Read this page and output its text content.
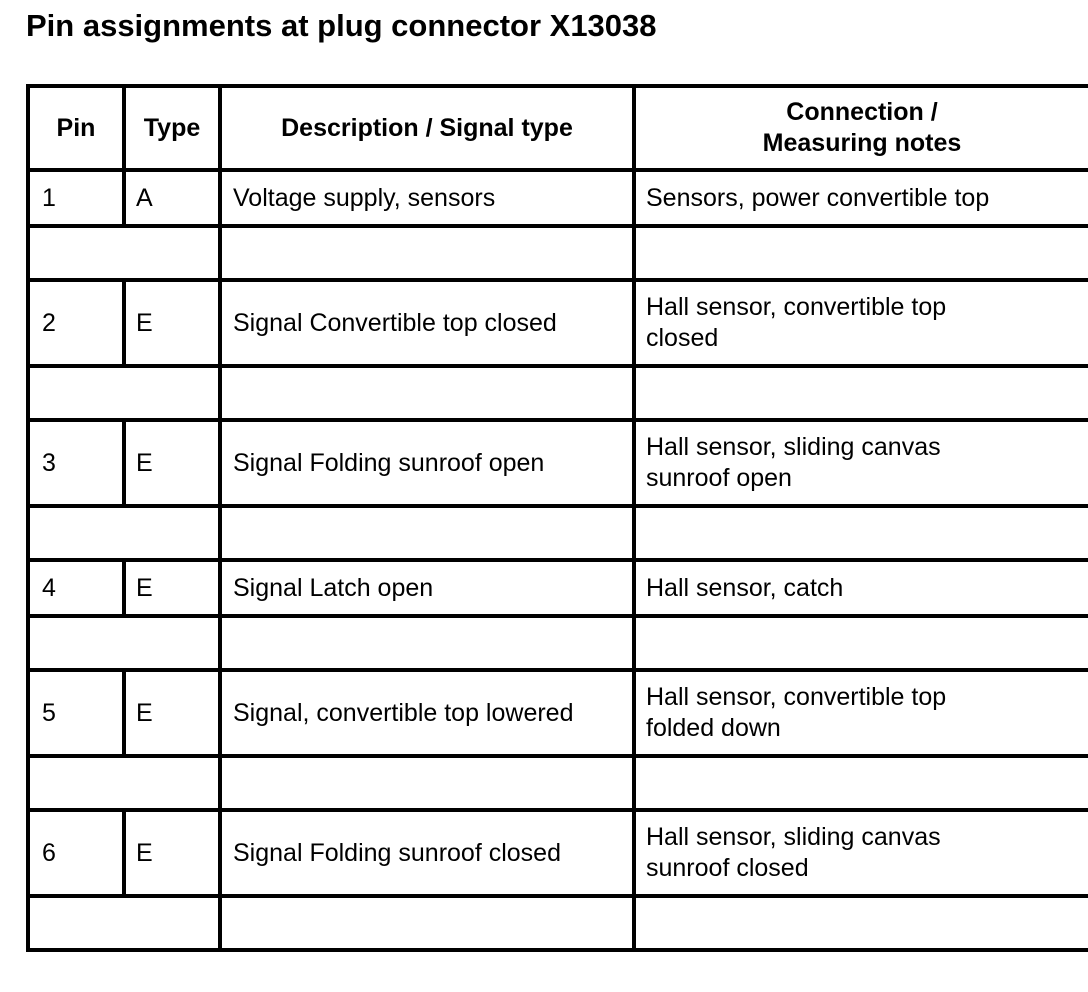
Pin assignments at plug connector X13038
Pin	Type	Description / Signal type	Connection /
Measuring notes

1	A	Voltage supply, sensors	Sensors, power convertible top

2	E	Signal Convertible top closed	Hall sensor, convertible top
closed

3	E	Signal Folding sunroof open	Hall sensor, sliding canvas
sunroof open

4	E	Signal Latch open	Hall sensor, catch

5	E	Signal, convertible top lowered	Hall sensor, convertible top
folded down

6	E	Signal Folding sunroof closed	Hall sensor, sliding canvas
sunroof closed
